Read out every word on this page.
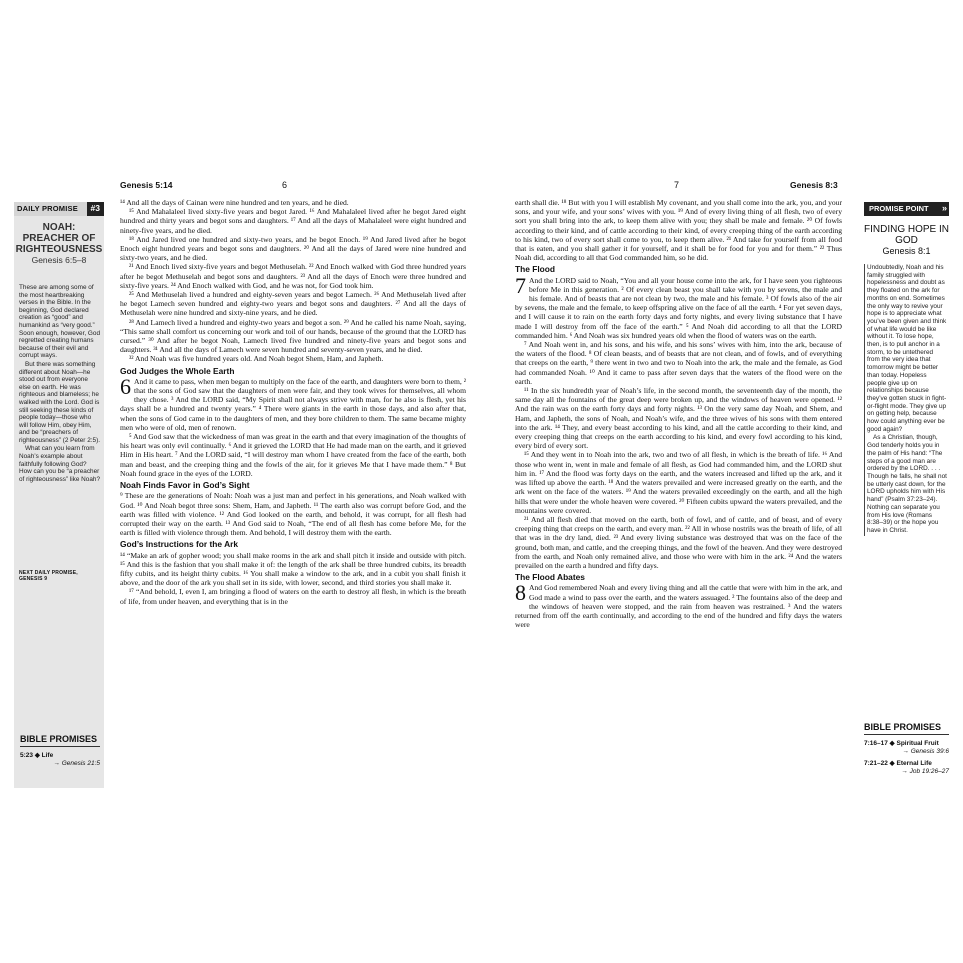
DAILY PROMISE	#3
NOAH: PREACHER OF RIGHTEOUSNESS
Genesis 6:5–8

These are among some of the most heartbreaking verses in the Bible. In the beginning, God declared creation as “good” and humankind as “very good.” Soon enough, however, God regretted creating humans because of their evil and corrupt ways.

But there was something different about Noah—he stood out from everyone else on earth. He was righteous and blameless; he walked with the Lord. God is still seeking these kinds of people today—those who will follow Him, obey Him, and be “preachers of righteousness” (2 Peter 2:5).

What can you learn from Noah’s example about faithfully following God? How can you be “a preacher of righteousness” like Noah?

NEXT DAILY PROMISE, GENESIS 9
BIBLE PROMISES
5:23 ◆ Life
→ Genesis 21:5
Genesis 5:14	6

¹⁴ And all the days of Cainan were nine hundred and ten years, and he died.

¹⁵ And Mahalaleel lived sixty-five years and begot Jared. ¹⁶ And Mahalaleel lived after he begot Jared eight hundred and thirty years and begot sons and daughters. ¹⁷ And all the days of Mahalaleel were eight hundred and ninety-five years, and he died.

¹⁸ And Jared lived one hundred and sixty-two years, and he begot Enoch. ¹⁹ And Jared lived after he begot Enoch eight hundred years and begot sons and daughters. ²⁰ And all the days of Jared were nine hundred and sixty-two years, and he died.

²¹ And Enoch lived sixty-five years and begot Methuselah. ²² And Enoch walked with God three hundred years after he begot Methuselah and begot sons and daughters. ²³ And all the days of Enoch were three hundred and sixty-five years. ²⁴ And Enoch walked with God, and he was not, for God took him.

²⁵ And Methuselah lived a hundred and eighty-seven years and begot Lamech. ²⁶ And Methuselah lived after he begot Lamech seven hundred and eighty-two years and begot sons and daughters. ²⁷ And all the days of Methuselah were nine hundred and sixty-nine years, and he died.

²⁸ And Lamech lived a hundred and eighty-two years and begot a son. ²⁹ And he called his name Noah, saying, “This same shall comfort us concerning our work and toil of our hands, because of the ground that the LORD has cursed.” ³⁰ And after he begot Noah, Lamech lived five hundred and ninety-five years and begot sons and daughters. ³¹ And all the days of Lamech were seven hundred and seventy-seven years, and he died.

³² And Noah was five hundred years old. And Noah begot Shem, Ham, and Japheth.

God Judges the Whole Earth

6 And it came to pass, when men began to multiply on the face of the earth, and daughters were born to them, ² that the sons of God saw that the daughters of men were fair, and they took wives for themselves, all whom they chose. ³ And the LORD said, “My Spirit shall not always strive with man, for he also is flesh, yet his days shall be a hundred and twenty years.” ⁴ There were giants in the earth in those days, and also after that, when the sons of God came in to the daughters of men, and they bore children to them. The same became mighty men who were of old, men of renown.

⁵ And God saw that the wickedness of man was great in the earth and that every imagination of the thoughts of his heart was only evil continually. ⁶ And it grieved the LORD that He had made man on the earth, and it grieved Him in His heart. ⁷ And the LORD said, “I will destroy man whom I have created from the face of the earth, both man and beast, and the creeping thing and the fowls of the air, for it grieves Me that I have made them.” ⁸ But Noah found grace in the eyes of the LORD.

Noah Finds Favor in God’s Sight

⁹ These are the generations of Noah: Noah was a just man and perfect in his generations, and Noah walked with God. ¹⁰ And Noah begot three sons: Shem, Ham, and Japheth. ¹¹ The earth also was corrupt before God, and the earth was filled with violence. ¹² And God looked on the earth, and behold, it was corrupt, for all flesh had corrupted their way on the earth. ¹³ And God said to Noah, “The end of all flesh has come before Me, for the earth is filled with violence through them. And behold, I will destroy them with the earth.

God’s Instructions for the Ark

¹⁴ “Make an ark of gopher wood; you shall make rooms in the ark and shall pitch it inside and outside with pitch. ¹⁵ And this is the fashion that you shall make it of: the length of the ark shall be three hundred cubits, its breadth fifty cubits, and its height thirty cubits. ¹⁶ You shall make a window to the ark, and in a cubit you shall finish it above, and the door of the ark you shall set in its side, with lower, second, and third stories you shall make it.

¹⁷ “And behold, I, even I, am bringing a flood of waters on the earth to destroy all flesh, in which is the breath of life, from under heaven, and everything that is in the

7	Genesis 8:3

earth shall die. ¹⁸ But with you I will establish My covenant, and you shall come into the ark, you, and your sons, and your wife, and your sons’ wives with you. ¹⁹ And of every living thing of all flesh, two of every sort you shall bring into the ark, to keep them alive with you; they shall be male and female. ²⁰ Of fowls according to their kind, and of cattle according to their kind, of every creeping thing of the earth according to his kind, two of every sort shall come to you, to keep them alive. ²¹ And take for yourself from all food that is eaten, and you shall gather it for yourself, and it shall be for food for you and for them.” ²² Thus Noah did, according to all that God commanded him, so he did.

The Flood

7 And the LORD said to Noah, “You and all your house come into the ark, for I have seen you righteous before Me in this generation. ² Of every clean beast you shall take with you by sevens, the male and his female. And of beasts that are not clean by two, the male and his female. ³ Of fowls also of the air by sevens, the male and the female, to keep offspring alive on the face of all the earth. ⁴ For yet seven days, and I will cause it to rain on the earth forty days and forty nights, and every living substance that I have made I will destroy from off the face of the earth.” ⁵ And Noah did according to all that the LORD commanded him. ⁶ And Noah was six hundred years old when the flood of waters was on the earth.

⁷ And Noah went in, and his sons, and his wife, and his sons’ wives with him, into the ark, because of the waters of the flood. ⁸ Of clean beasts, and of beasts that are not clean, and of fowls, and of everything that creeps on the earth, ⁹ there went in two and two to Noah into the ark, the male and the female, as God had commanded Noah. ¹⁰ And it came to pass after seven days that the waters of the flood were on the earth.

¹¹ In the six hundredth year of Noah’s life, in the second month, the seventeenth day of the month, the same day all the fountains of the great deep were broken up, and the windows of heaven were opened. ¹² And the rain was on the earth forty days and forty nights. ¹³ On the very same day Noah, and Shem, and Ham, and Japheth, the sons of Noah, and Noah’s wife, and the three wives of his sons with them entered into the ark. ¹⁴ They, and every beast according to his kind, and all the cattle according to their kind, and every creeping thing that creeps on the earth according to his kind, and every fowl according to his kind, every bird of every sort.

¹⁵ And they went in to Noah into the ark, two and two of all flesh, in which is the breath of life. ¹⁶ And those who went in, went in male and female of all flesh, as God had commanded him, and the LORD shut him in. ¹⁷ And the flood was forty days on the earth, and the waters increased and lifted up the ark, and it was lifted up above the earth. ¹⁸ And the waters prevailed and were increased greatly on the earth, and the ark went on the face of the waters. ¹⁹ And the waters prevailed exceedingly on the earth, and all the high hills that were under the whole heaven were covered. ²⁰ Fifteen cubits upward the waters prevailed, and the mountains were covered.

²¹ And all flesh died that moved on the earth, both of fowl, and of cattle, and of beast, and of every creeping thing that creeps on the earth, and every man. ²² All in whose nostrils was the breath of life, of all that was in the dry land, died. ²³ And every living substance was destroyed that was on the face of the ground, both man, and cattle, and the creeping things, and the fowl of the heaven. And they were destroyed from the earth, and Noah only remained alive, and those who were with him in the ark. ²⁴ And the waters prevailed on the earth a hundred and fifty days.

The Flood Abates

8 And God remembered Noah and every living thing and all the cattle that were with him in the ark, and God made a wind to pass over the earth, and the waters assuaged. ² The fountains also of the deep and the windows of heaven were stopped, and the rain from heaven was restrained. ³ And the waters returned from off the earth continually, and according to the end of the hundred and fifty days the waters were

PROMISE POINT »
FINDING HOPE IN GOD
Genesis 8:1

Undoubtedly, Noah and his family struggled with hopelessness and doubt as they floated on the ark for months on end. Sometimes the only way to revive your hope is to appreciate what you’ve been given and think of what life would be like without it. To lose hope, then, is to pull anchor in a storm, to be untethered from the very idea that tomorrow might be better than today. Hopeless people give up on relationships because they’ve gotten stuck in fight-or-flight mode. They give up on getting help, because how could anything ever be good again?

As a Christian, though, God tenderly holds you in the palm of His hand: “The steps of a good man are ordered by the LORD. . . . Though he falls, he shall not be utterly cast down, for the LORD upholds him with His hand” (Psalm 37:23–24). Nothing can separate you from His love (Romans 8:38–39) or the hope you have in Christ.

BIBLE PROMISES
7:16–17 ◆ Spiritual Fruit
→ Genesis 39:6
7:21–22 ◆ Eternal Life
→ Job 19:26–27
